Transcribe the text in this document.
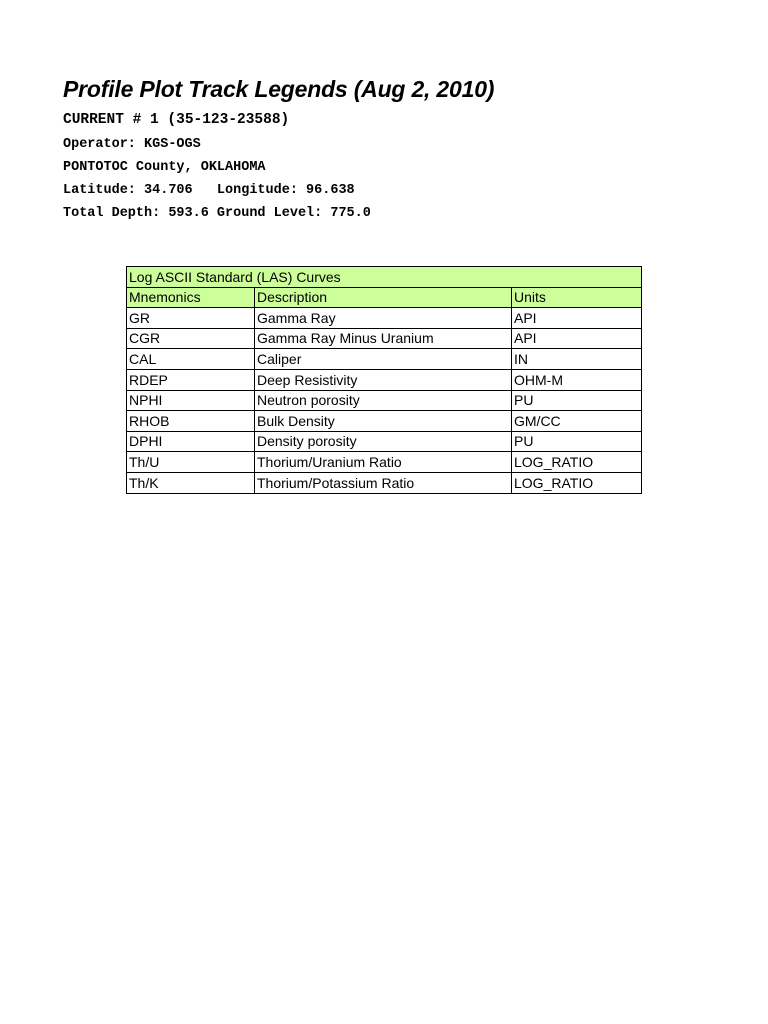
Profile Plot Track Legends (Aug 2, 2010)
CURRENT # 1 (35-123-23588)
Operator: KGS-OGS
PONTOTOC County, OKLAHOMA
Latitude: 34.706   Longitude: 96.638
Total Depth: 593.6 Ground Level: 775.0
Log ASCII Standard (LAS) Curves		
Mnemonics	Description	Units
GR	Gamma Ray	API
CGR	Gamma Ray Minus Uranium	API
CAL	Caliper	IN
RDEP	Deep Resistivity	OHM-M
NPHI	Neutron porosity	PU
RHOB	Bulk Density	GM/CC
DPHI	Density porosity	PU
Th/U	Thorium/Uranium Ratio	LOG_RATIO
Th/K	Thorium/Potassium Ratio	LOG_RATIO
